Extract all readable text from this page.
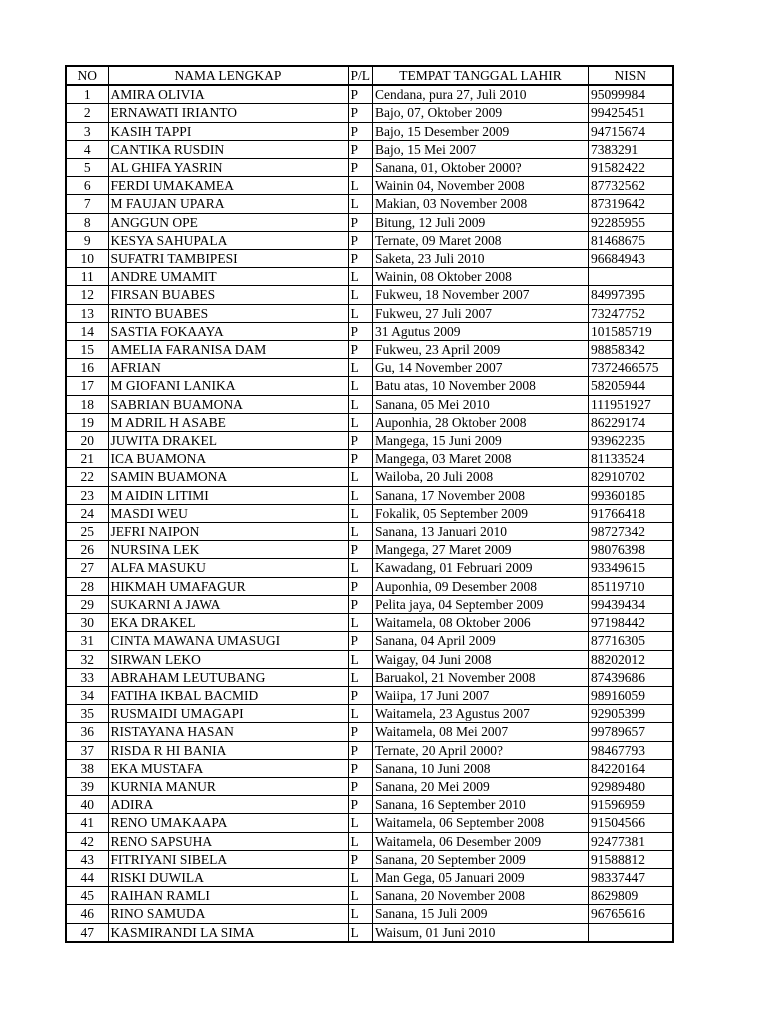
NO	NAMA LENGKAP	P/L	TEMPAT TANGGAL LAHIR	NISN
1	AMIRA OLIVIA	P	Cendana, pura 27, Juli 2010	95099984
2	ERNAWATI IRIANTO	P	Bajo, 07, Oktober 2009	99425451
3	KASIH TAPPI	P	Bajo, 15 Desember 2009	94715674
4	CANTIKA RUSDIN	P	Bajo, 15 Mei 2007	7383291
5	AL GHIFA YASRIN	P	Sanana, 01, Oktober 2000?	91582422
6	FERDI UMAKAMEA	L	Wainin 04, November 2008	87732562
7	M FAUJAN UPARA	L	Makian, 03 November 2008	87319642
8	ANGGUN OPE	P	Bitung, 12 Juli 2009	92285955
9	KESYA SAHUPALA	P	Ternate, 09 Maret 2008	81468675
10	SUFATRI TAMBIPESI	P	Saketa, 23 Juli 2010	96684943
11	ANDRE UMAMIT	L	Wainin, 08 Oktober 2008	
12	FIRSAN BUABES	L	Fukweu, 18 November 2007	84997395
13	RINTO BUABES	L	Fukweu, 27 Juli 2007	73247752
14	SASTIA FOKAAYA	P	31 Agutus 2009	101585719
15	AMELIA FARANISA DAM	P	Fukweu, 23 April 2009	98858342
16	AFRIAN	L	Gu, 14 November 2007	7372466575
17	M GIOFANI LANIKA	L	Batu atas, 10 November 2008	58205944
18	SABRIAN BUAMONA	L	Sanana, 05 Mei 2010	111951927
19	M ADRIL H ASABE	L	Auponhia, 28 Oktober 2008	86229174
20	JUWITA DRAKEL	P	Mangega, 15 Juni 2009	93962235
21	ICA BUAMONA	P	Mangega, 03 Maret 2008	81133524
22	SAMIN BUAMONA	L	Wailoba, 20 Juli 2008	82910702
23	M AIDIN LITIMI	L	Sanana, 17 November 2008	99360185
24	MASDI WEU	L	Fokalik, 05 September 2009	91766418
25	JEFRI NAIPON	L	Sanana, 13 Januari 2010	98727342
26	NURSINA LEK	P	Mangega, 27 Maret 2009	98076398
27	ALFA MASUKU	L	Kawadang, 01 Februari 2009	93349615
28	HIKMAH UMAFAGUR	P	Auponhia, 09 Desember 2008	85119710
29	SUKARNI A JAWA	P	Pelita jaya, 04 September 2009	99439434
30	EKA DRAKEL	L	Waitamela, 08 Oktober 2006	97198442
31	CINTA MAWANA UMASUGI	P	Sanana, 04 April 2009	87716305
32	SIRWAN LEKO	L	Waigay, 04 Juni 2008	88202012
33	ABRAHAM LEUTUBANG	L	Baruakol, 21 November 2008	87439686
34	FATIHA IKBAL BACMID	P	Waiipa, 17 Juni 2007	98916059
35	RUSMAIDI UMAGAPI	L	Waitamela, 23 Agustus 2007	92905399
36	RISTAYANA HASAN	P	Waitamela, 08 Mei 2007	99789657
37	RISDA R HI BANIA	P	Ternate, 20 April 2000?	98467793
38	EKA MUSTAFA	P	Sanana, 10 Juni 2008	84220164
39	KURNIA MANUR	P	Sanana, 20 Mei 2009	92989480
40	ADIRA	P	Sanana, 16 September 2010	91596959
41	RENO UMAKAAPA	L	Waitamela, 06 September 2008	91504566
42	RENO SAPSUHA	L	Waitamela, 06 Desember 2009	92477381
43	FITRIYANI SIBELA	P	Sanana, 20 September 2009	91588812
44	RISKI DUWILA	L	Man Gega, 05 Januari 2009	98337447
45	RAIHAN RAMLI	L	Sanana, 20 November 2008	8629809
46	RINO SAMUDA	L	Sanana, 15 Juli 2009	96765616
47	KASMIRANDI LA SIMA	L	Waisum, 01 Juni 2010	
